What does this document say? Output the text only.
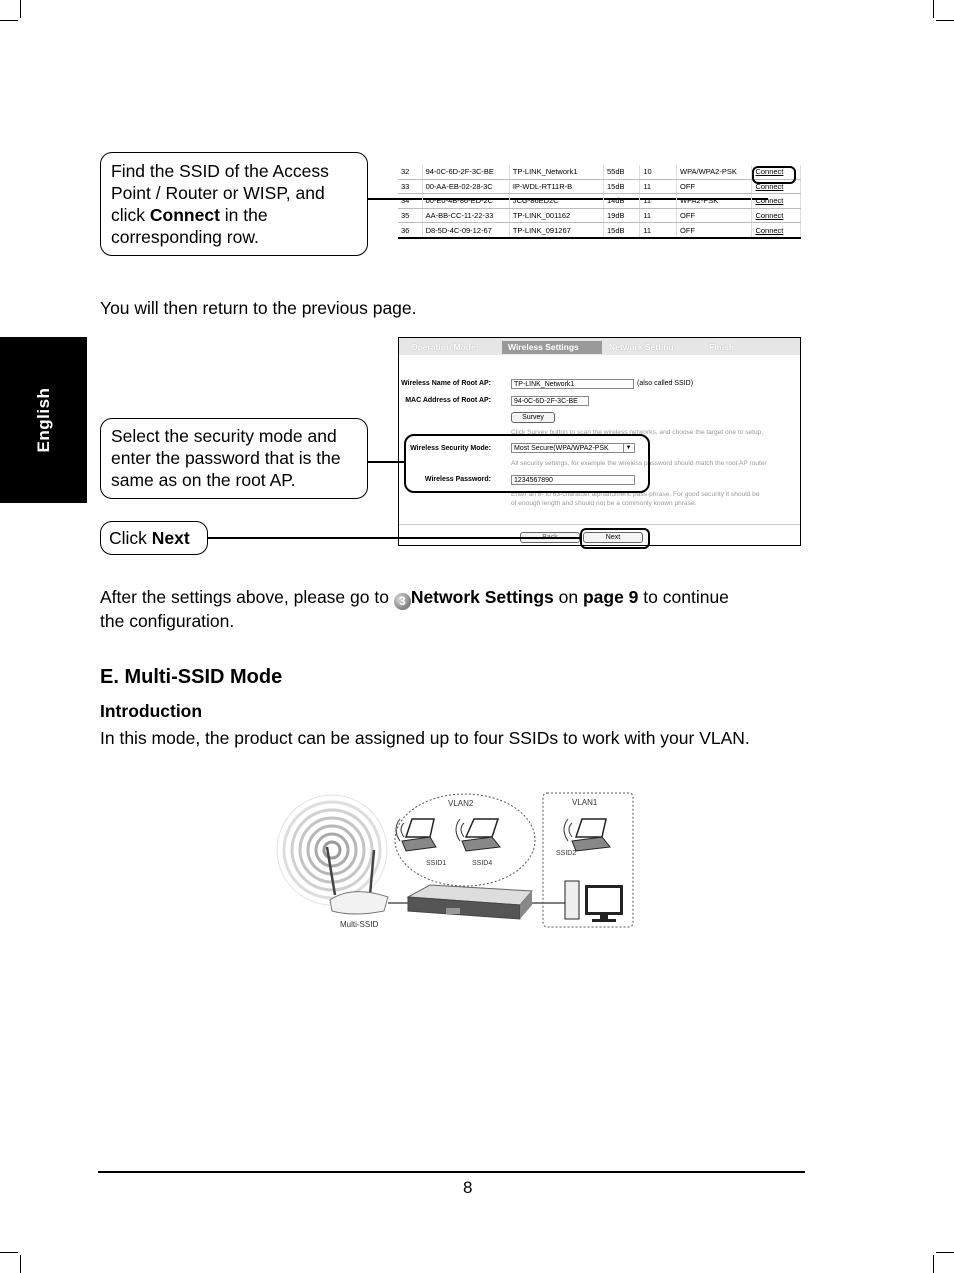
English
Find the SSID of the Access
Point / Router or WISP, and
click Connect in the
corresponding row.
32	94-0C-6D-2F-3C-BE	TP-LINK_Network1	55dB	10	WPA/WPA2-PSK	Connect
33	00-AA-EB-02-28-3C	IP-WDL-RT11R-B	15dB	11	OFF	Connect
34	00-E0-4B-86-ED-2C	JCG-86ED2C	14dB	11	WPA2-PSK	Connect
35	AA-BB-CC-11-22-33	TP-LINK_001162	19dB	11	OFF	Connect
36	D8-5D-4C-09-12-67	TP-LINK_091267	15dB	11	OFF	Connect
You will then return to the previous page.
Operation Mode	Wireless Settings	Network Setting	Finish
Wireless Name of Root AP:	TP-LINK_Network1	(also called SSID)
MAC Address of Root AP:	94-0C-6D-2F-3C-BE
Survey
Click Survey button to scan the wireless networks, and choose the target one to setup.
Wireless Security Mode:	Most Secure(WPA/WPA2-PSK	▼
All security settings, for example the wireless password should match the root AP router
Wireless Password:	1234567890
Enter an 8- to 63-character alphanumeric pass-phrase. For good security it should be
of enough length and should not be a commonly known phrase.
Next
Select the security mode and
enter the password that is the
same as on the root AP.
Click Next
After the settings above, please go to 3 Network Settings on page 9 to continue
the configuration.
E. Multi-SSID Mode
Introduction
In this mode, the product can be assigned up to four SSIDs to work with your VLAN.
Multi-SSID
VLAN2
SSID1	SSID4
VLAN1
SSID2
8
